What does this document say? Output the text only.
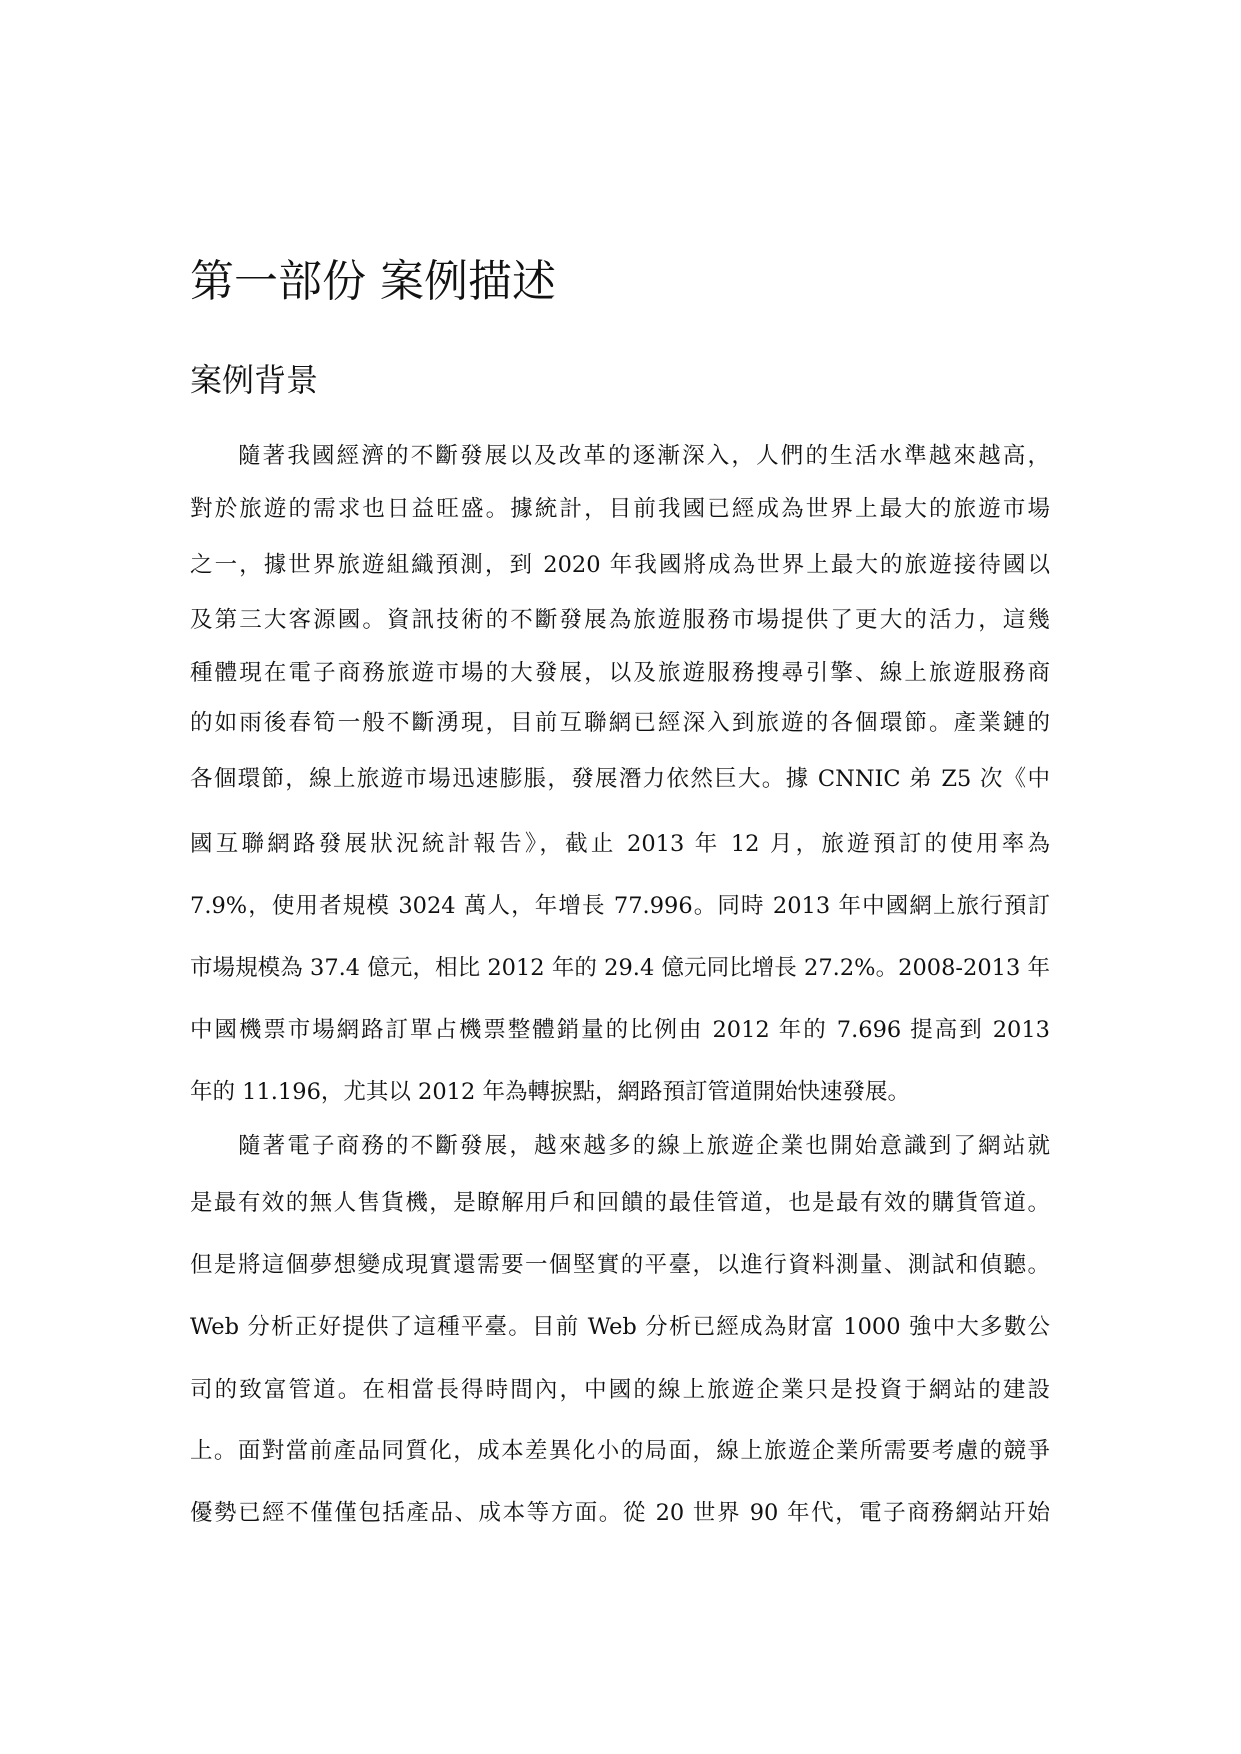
第一部份 案例描述
案例背景

隨著我國經濟的不斷發展以及改革的逐漸深入，人們的生活水準越來越高，

對於旅遊的需求也日益旺盛。據統計，目前我國已經成為世界上最大的旅遊市場

之一，據世界旅遊組織預測，到 2020 年我國將成為世界上最大的旅遊接待國以

及第三大客源國。資訊技術的不斷發展為旅遊服務市場提供了更大的活力，這幾

種體現在電子商務旅遊市場的大發展，以及旅遊服務搜尋引擎、線上旅遊服務商

的如雨後春筍一般不斷湧現，目前互聯網已經深入到旅遊的各個環節。產業鏈的

各個環節，線上旅遊市場迅速膨脹，發展潛力依然巨大。據 CNNIC 弟 Z5 次《中

國互聯網路發展狀況統計報告》，截止 2013 年 12 月，旅遊預訂的使用率為

7.9%，使用者規模 3024 萬人，年增長 77.996。同時 2013 年中國網上旅行預訂

市場規模為 37.4 億元，相比 2012 年的 29.4 億元同比增長 27.2%。2008-2013 年

中國機票市場網路訂單占機票整體銷量的比例由 2012 年的 7.696 提高到 2013

年的 11.196，尤其以 2012 年為轉捩點，網路預訂管道開始快速發展。

隨著電子商務的不斷發展，越來越多的線上旅遊企業也開始意識到了網站就

是最有效的無人售貨機，是瞭解用戶和回饋的最佳管道，也是最有效的購貨管道。

但是將這個夢想變成現實還需要一個堅實的平臺，以進行資料測量、測試和偵聽。

Web 分析正好提供了這種平臺。目前 Web 分析已經成為財富 1000 強中大多數公

司的致富管道。在相當長得時間內，中國的線上旅遊企業只是投資于網站的建設

上。面對當前產品同質化，成本差異化小的局面，線上旅遊企業所需要考慮的競爭

優勢已經不僅僅包括產品、成本等方面。從 20 世界 90 年代，電子商務網站幵始
